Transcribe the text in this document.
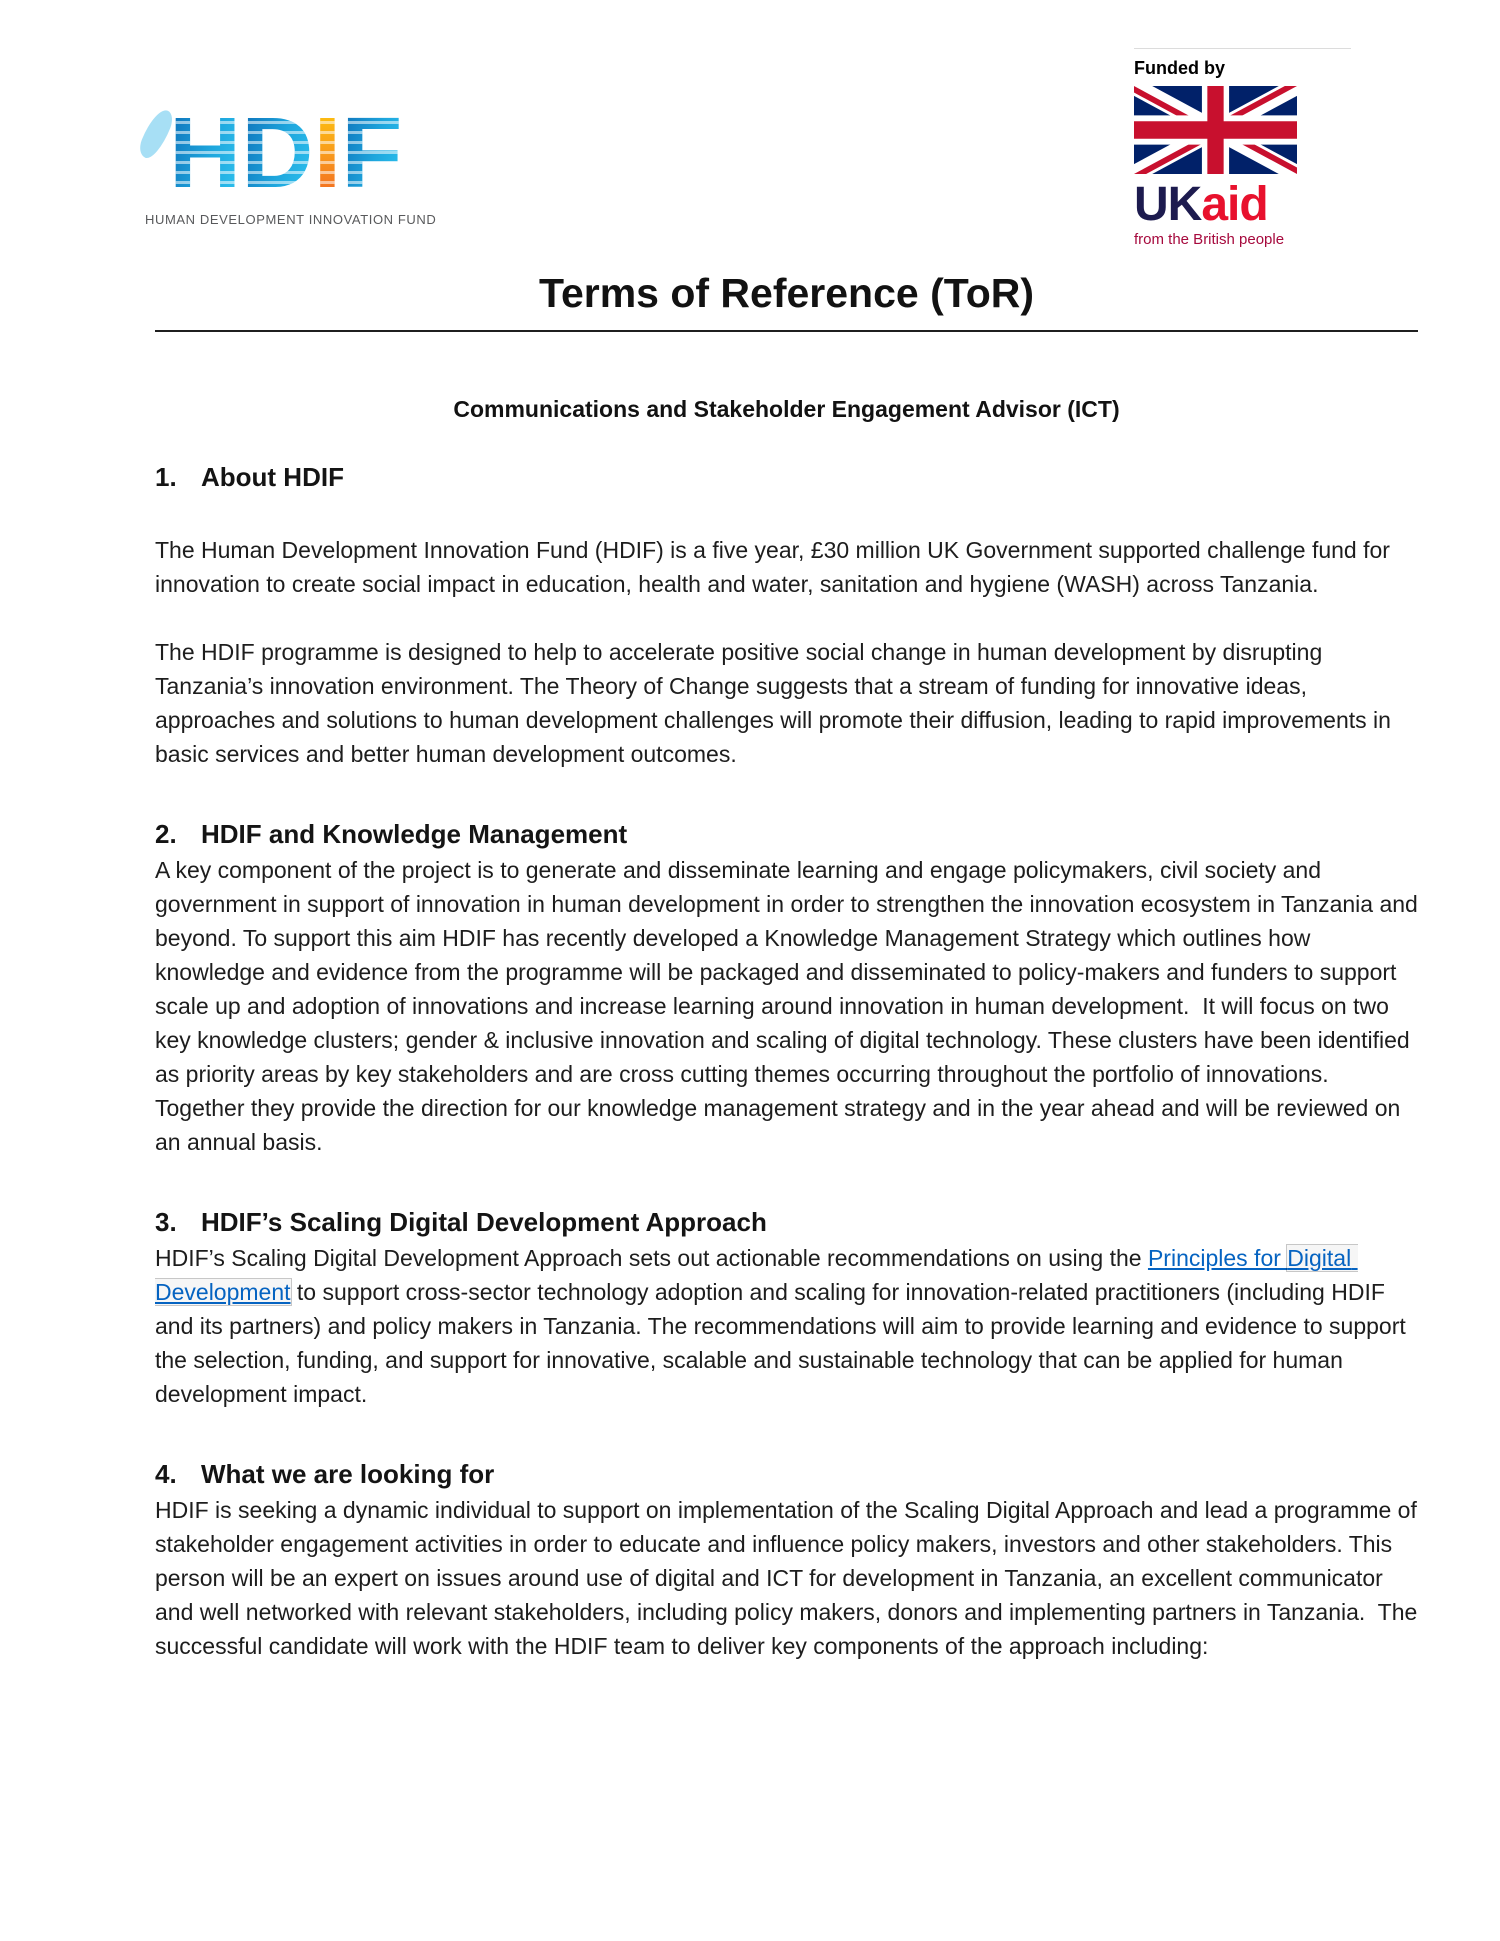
H D I F
HUMAN DEVELOPMENT INNOVATION FUND
Funded by
UKaid
from the British people
Terms of Reference (ToR)
Communications and Stakeholder Engagement Advisor (ICT)
1. About HDIF

The Human Development Innovation Fund (HDIF) is a five year, £30 million UK Government supported challenge fund for innovation to create social impact in education, health and water, sanitation and hygiene (WASH) across Tanzania.

The HDIF programme is designed to help to accelerate positive social change in human development by disrupting Tanzania’s innovation environment. The Theory of Change suggests that a stream of funding for innovative ideas, approaches and solutions to human development challenges will promote their diffusion, leading to rapid improvements in basic services and better human development outcomes.

2. HDIF and Knowledge Management

A key component of the project is to generate and disseminate learning and engage policymakers, civil society and government in support of innovation in human development in order to strengthen the innovation ecosystem in Tanzania and beyond. To support this aim HDIF has recently developed a Knowledge Management Strategy which outlines how knowledge and evidence from the programme will be packaged and disseminated to policy-makers and funders to support scale up and adoption of innovations and increase learning around innovation in human development.  It will focus on two key knowledge clusters; gender & inclusive innovation and scaling of digital technology. These clusters have been identified as priority areas by key stakeholders and are cross cutting themes occurring throughout the portfolio of innovations.  Together they provide the direction for our knowledge management strategy and in the year ahead and will be reviewed on an annual basis.

3. HDIF’s Scaling Digital Development Approach

HDIF’s Scaling Digital Development Approach sets out actionable recommendations on using the Principles for Digital Development to support cross-sector technology adoption and scaling for innovation-related practitioners (including HDIF and its partners) and policy makers in Tanzania. The recommendations will aim to provide learning and evidence to support the selection, funding, and support for innovative, scalable and sustainable technology that can be applied for human development impact.

4. What we are looking for

HDIF is seeking a dynamic individual to support on implementation of the Scaling Digital Approach and lead a programme of stakeholder engagement activities in order to educate and influence policy makers, investors and other stakeholders. This person will be an expert on issues around use of digital and ICT for development in Tanzania, an excellent communicator and well networked with relevant stakeholders, including policy makers, donors and implementing partners in Tanzania.  The successful candidate will work with the HDIF team to deliver key components of the approach including:
